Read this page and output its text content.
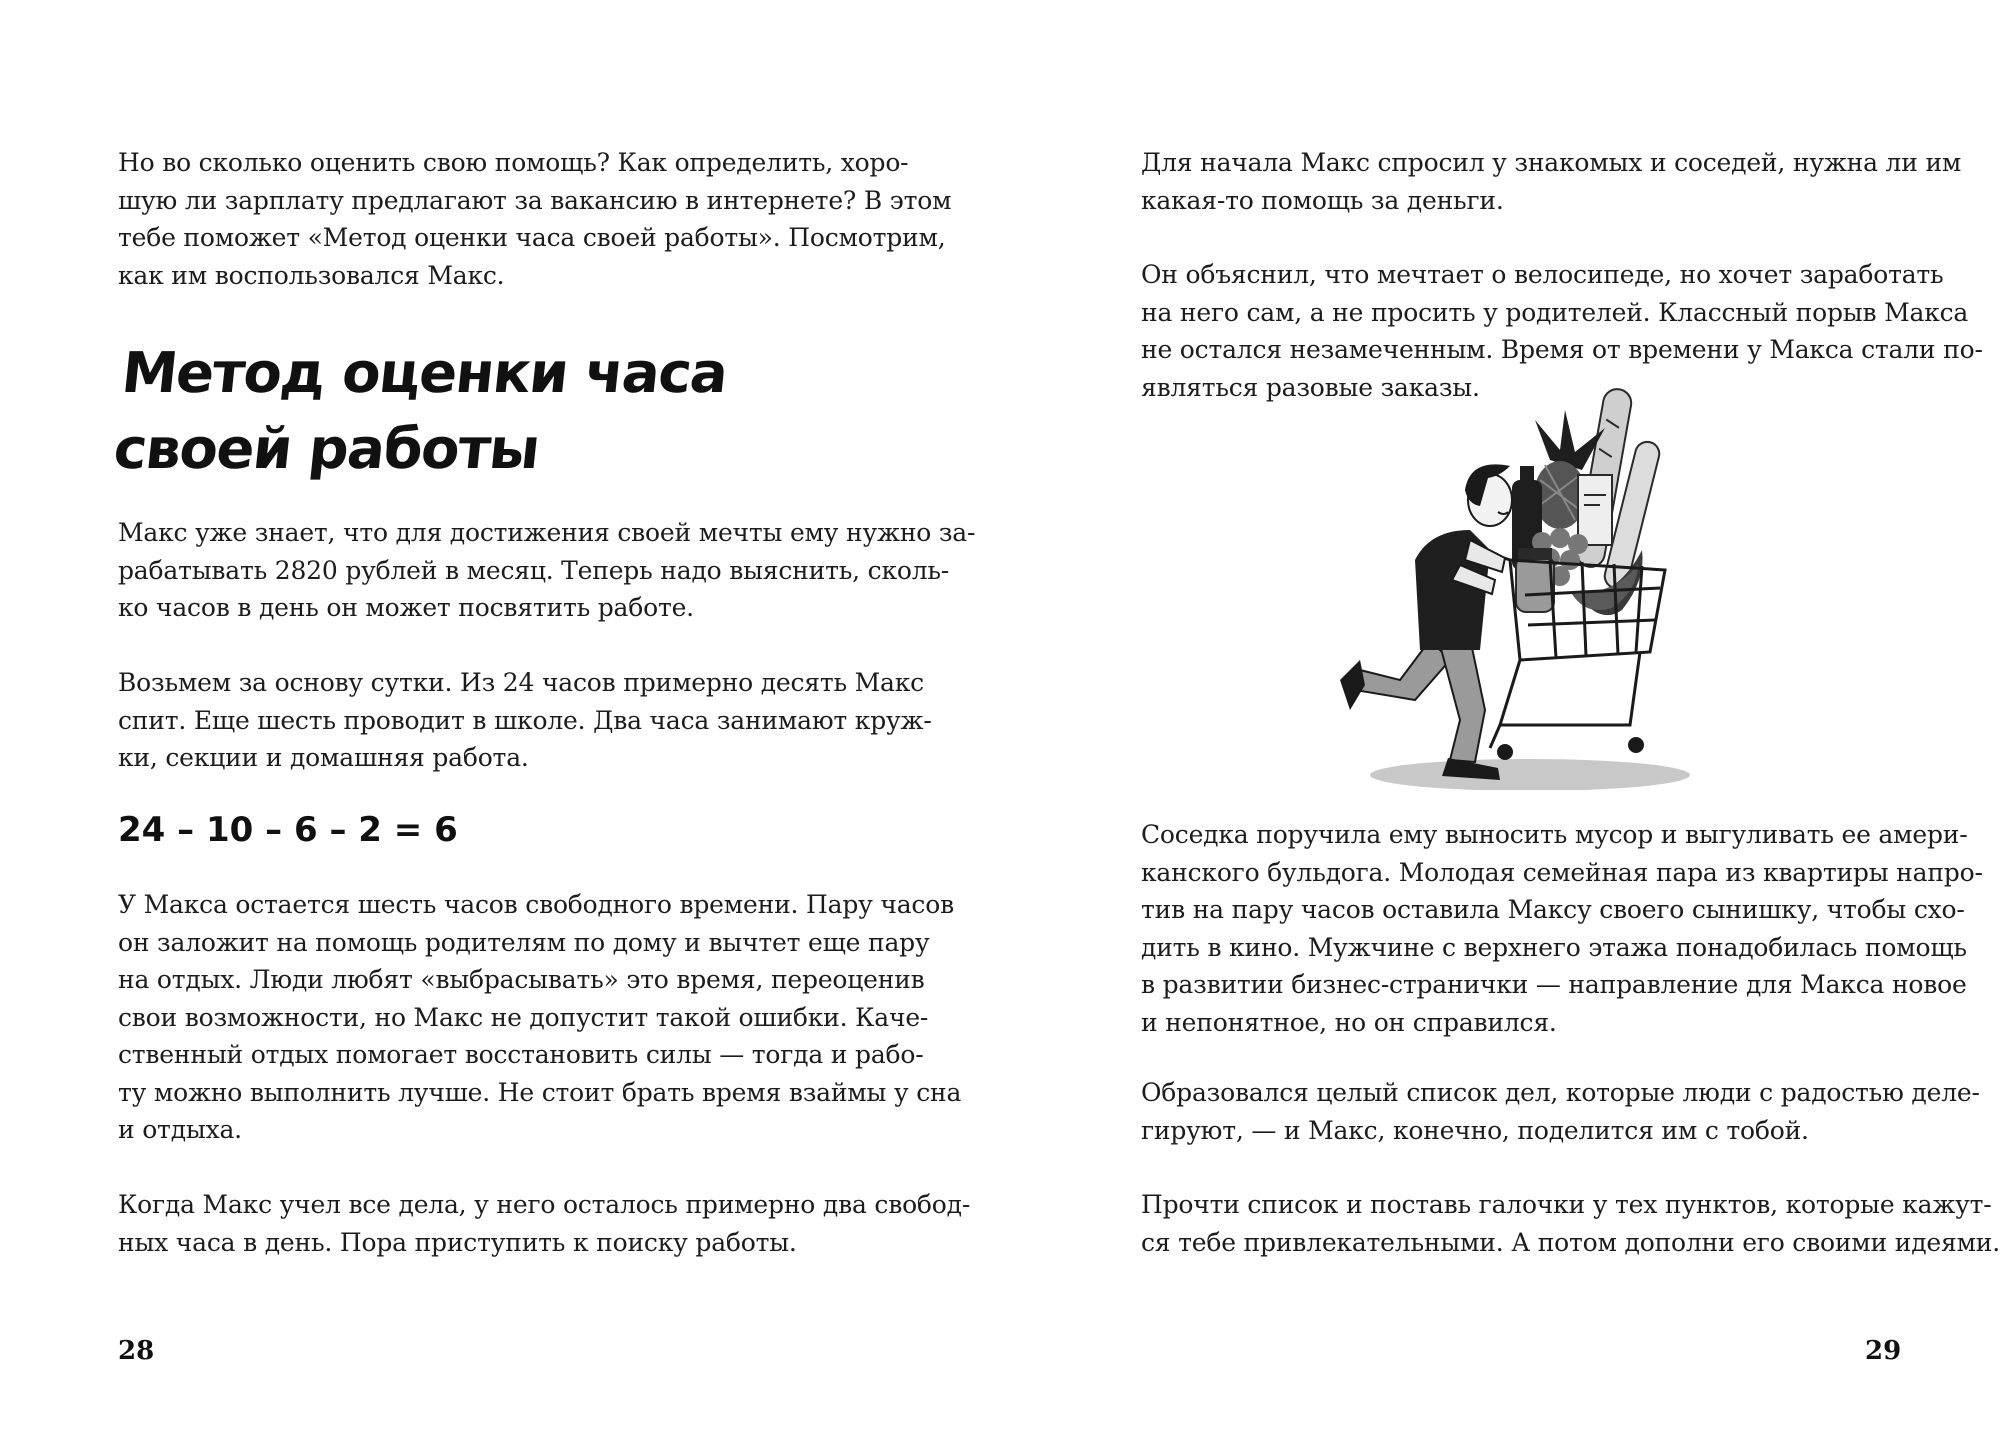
Но во сколько оценить свою помощь? Как определить, хоро-
шую ли зарплату предлагают за вакансию в интернете? В этом
тебе поможет «Метод оценки часа своей работы». Посмотрим,
как им воспользовался Макс.

Метод оценки часа
своей работы

Макс уже знает, что для достижения своей мечты ему нужно за-
рабатывать 2820 рублей в месяц. Теперь надо выяснить, сколь-
ко часов в день он может посвятить работе.

Возьмем за основу сутки. Из 24 часов примерно десять Макс
спит. Еще шесть проводит в школе. Два часа занимают круж-
ки, секции и домашняя работа.

24 – 10 – 6 – 2 = 6

У Макса остается шесть часов свободного времени. Пару часов
он заложит на помощь родителям по дому и вычтет еще пару
на отдых. Люди любят «выбрасывать» это время, переоценив
свои возможности, но Макс не допустит такой ошибки. Каче-
ственный отдых помогает восстановить силы — тогда и рабо-
ту можно выполнить лучше. Не стоит брать время взаймы у сна
и отдыха.

Когда Макс учел все дела, у него осталось примерно два свобод-
ных часа в день. Пора приступить к поиску работы.

28

Для начала Макс спросил у знакомых и соседей, нужна ли им
какая-то помощь за деньги.

Он объяснил, что мечтает о велосипеде, но хочет заработать
на него сам, а не просить у родителей. Классный порыв Макса
не остался незамеченным. Время от времени у Макса стали по-
являться разовые заказы.

Соседка поручила ему выносить мусор и выгуливать ее амери-
канского бульдога. Молодая семейная пара из квартиры напро-
тив на пару часов оставила Максу своего сынишку, чтобы схо-
дить в кино. Мужчине с верхнего этажа понадобилась помощь
в развитии бизнес-странички — направление для Макса новое
и непонятное, но он справился.

Образовался целый список дел, которые люди с радостью деле-
гируют, — и Макс, конечно, поделится им с тобой.

Прочти список и поставь галочки у тех пунктов, которые кажут-
ся тебе привлекательными. А потом дополни его своими идеями.

29
